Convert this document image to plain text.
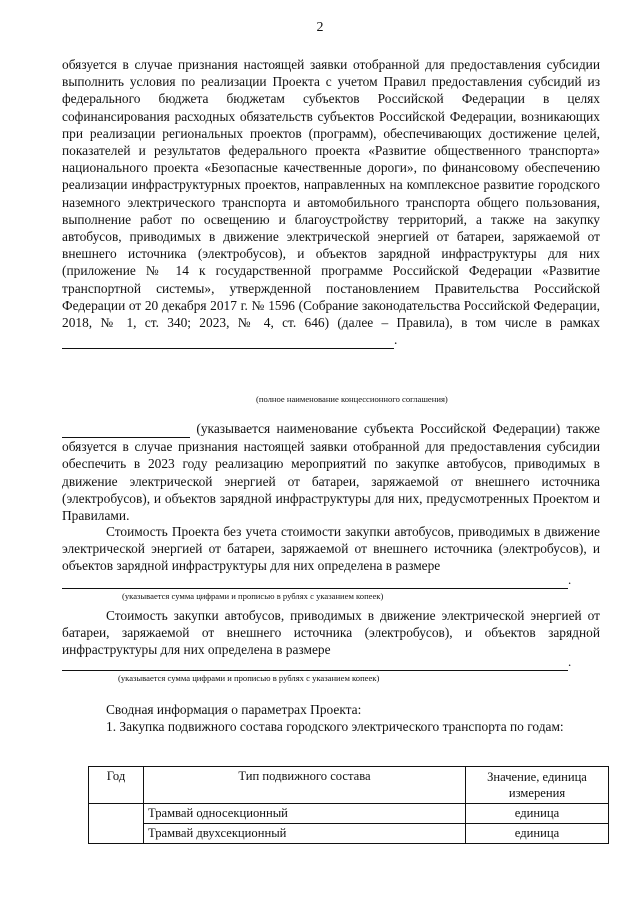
2

обязуется в случае признания настоящей заявки отобранной для предоставления субсидии выполнить условия по реализации Проекта с учетом Правил предоставления субсидий из федерального бюджета бюджетам субъектов Российской Федерации в целях софинансирования расходных обязательств субъектов Российской Федерации, возникающих при реализации региональных проектов (программ), обеспечивающих достижение целей, показателей и результатов федерального проекта «Развитие общественного транспорта» национального проекта «Безопасные качественные дороги», по финансовому обеспечению реализации инфраструктурных проектов, направленных на комплексное развитие городского наземного электрического транспорта и автомобильного транспорта общего пользования, выполнение работ по освещению и благоустройству территорий, а также на закупку автобусов, приводимых в движение электрической энергией от батареи, заряжаемой от внешнего источника (электробусов), и объектов зарядной инфраструктуры для них (приложение № 14 к государственной программе Российской Федерации «Развитие транспортной системы», утвержденной постановлением Правительства Российской Федерации от 20 декабря 2017 г. № 1596 (Собрание законодательства Российской Федерации, 2018, № 1, ст. 340; 2023, № 4, ст. 646) (далее – Правила), в том числе в рамках .

(полное наименование концессионного соглашения)

(указывается наименование субъекта Российской Федерации) также обязуется в случае признания настоящей заявки отобранной для предоставления субсидии обеспечить в 2023 году реализацию мероприятий по закупке автобусов, приводимых в движение электрической энергией от батареи, заряжаемой от внешнего источника (электробусов), и объектов зарядной инфраструктуры для них, предусмотренных Проектом и Правилами.

Стоимость Проекта без учета стоимости закупки автобусов, приводимых в движение электрической энергией от батареи, заряжаемой от внешнего источника (электробусов), и объектов зарядной инфраструктуры для них определена в размере

.
(указывается сумма цифрами и прописью в рублях с указанием копеек)

Стоимость закупки автобусов, приводимых в движение электрической энергией от батареи, заряжаемой от внешнего источника (электробусов), и объектов зарядной инфраструктуры для них определена в размере

.
(указывается сумма цифрами и прописью в рублях с указанием копеек)
Сводная информация о параметрах Проекта:

1. Закупка подвижного состава городского электрического транспорта по годам:

Год	Тип подвижного состава	Значение, единица измерения
	Трамвай односекционный	единица
	Трамвай двухсекционный	единица
